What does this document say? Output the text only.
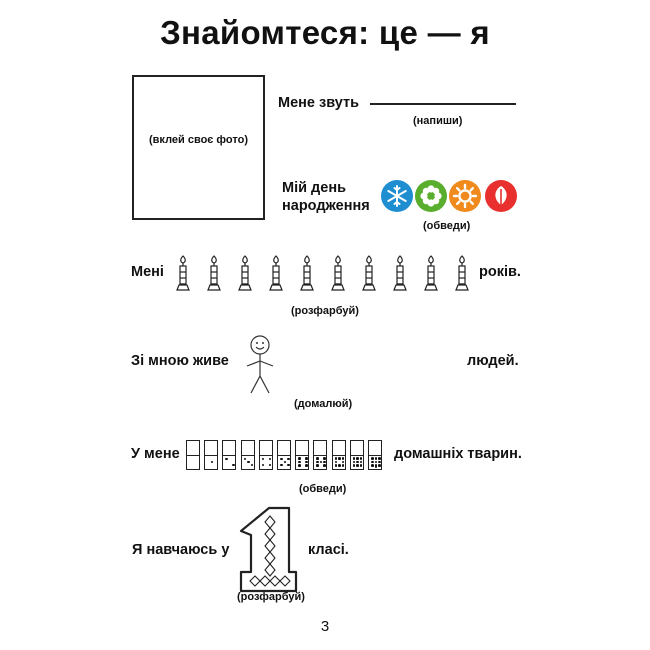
Знайомтеся: це — я
(вклей своє фото)
Мене звуть
(напиши)
Мій день
народження
(обведи)
Мені	років.
(розфарбуй)
Зі мною живе	людей.
(домалюй)
У мене	домашніх тварин.
(обведи)
Я навчаюсь у	класі.
(розфарбуй)
3
